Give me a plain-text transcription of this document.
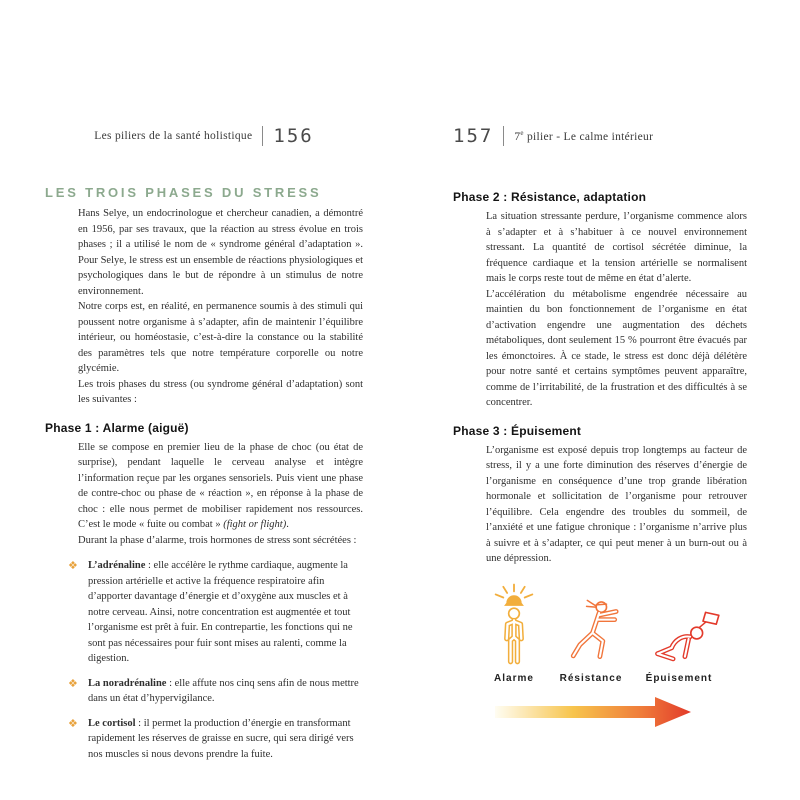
Les piliers de la santé holistique 156
LES TROIS PHASES DU STRESS

Hans Selye, un endocrinologue et chercheur canadien, a démontré en 1956, par ses travaux, que la réaction au stress évolue en trois phases ; il a utilisé le nom de « syndrome général d’adaptation ». Pour Selye, le stress est un ensemble de réactions physiologiques et psychologiques dans le but de répondre à un stimulus de notre environnement.

Notre corps est, en réalité, en permanence soumis à des stimuli qui poussent notre organisme à s’adapter, afin de maintenir l’équilibre intérieur, ou homéostasie, c’est-à-dire la constance ou la stabilité des paramètres tels que notre température corporelle ou notre glycémie.

Les trois phases du stress (ou syndrome général d’adaptation) sont les suivantes :

Phase 1 : Alarme (aiguë)

Elle se compose en premier lieu de la phase de choc (ou état de surprise), pendant laquelle le cerveau analyse et intègre l’information reçue par les organes sensoriels. Puis vient une phase de contre-choc ou phase de « réaction », en réponse à la phase de choc : elle nous permet de mobiliser rapidement nos ressources. C’est le mode « fuite ou combat » (fight or flight).

Durant la phase d’alarme, trois hormones de stress sont sécrétées :

❖ L’adrénaline : elle accélère le rythme cardiaque, augmente la pression artérielle et active la fréquence respiratoire afin d’apporter davantage d’énergie et d’oxygène aux muscles et à notre cerveau. Ainsi, notre concentration est augmentée et tout l’organisme est prêt à fuir. En contrepartie, les fonctions qui ne sont pas nécessaires pour fuir sont mises au ralenti, comme la digestion.
❖ La noradrénaline : elle affute nos cinq sens afin de nous mettre dans un état d’hypervigilance.
❖ Le cortisol : il permet la production d’énergie en transformant rapidement les réserves de graisse en sucre, qui sera dirigé vers nos muscles si nous devons prendre la fuite.
157 7e pilier - Le calme intérieur
Phase 2 : Résistance, adaptation

La situation stressante perdure, l’organisme commence alors à s’adapter et à s’habituer à ce nouvel environnement stressant. La quantité de cortisol sécrétée diminue, la fréquence cardiaque et la tension artérielle se normalisent mais le corps reste tout de même en état d’alerte.

L’accélération du métabolisme engendrée nécessaire au maintien du bon fonctionnement de l’organisme en état d’activation engendre une augmentation des déchets métaboliques, dont seulement 15 % pourront être évacués par les émonctoires. À ce stade, le stress est donc déjà délétère pour notre santé et certains symptômes peuvent apparaître, comme de l’irritabilité, de la frustration et des difficultés à se concentrer.

Phase 3 : Épuisement

L’organisme est exposé depuis trop longtemps au facteur de stress, il y a une forte diminution des réserves d’énergie de l’organisme en conséquence d’une trop grande libération hormonale et sollicitation de l’organisme pour retrouver l’équilibre. Cela engendre des troubles du sommeil, de l’anxiété et une fatigue chronique : l’organisme n’arrive plus à suivre et à s’adapter, ce qui peut mener à un burn-out ou à une dépression.

Alarme	Résistance Épuisement
